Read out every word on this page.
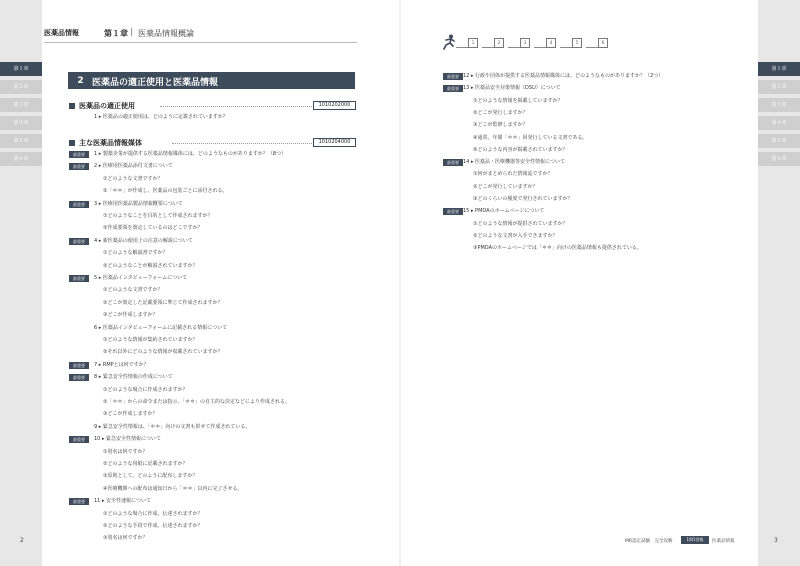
第１章
第２章
第３章
第４章
第５章
第６章
第１章
第２章
第３章
第４章
第５章
第６章
医薬品情報	第１章 | 医薬品情報概論
1	2	3	4	5	6
2 医薬品の適正使用と医薬品情報
医薬品の適正使用	1010202000
主な医薬品情報媒体	1010204000
1 ▸ 医薬品の適正使用は、どのように定義されていますか？
最重要	1 ▸ 製薬企業が提供する医薬品情報媒体には、どのようなものがありますか？（8つ）
最重要	2 ▸ 医療用医薬品添付文書について
①どのような文書ですか？
②「＊＊」が作成し、医薬品の包装ごとに添付される。
最重要	3 ▸ 医療用医薬品製品情報概要について
①どのようなことを目的として作成されますか？
②作成要領を策定しているのはどこですか？
最重要	4 ▸ 新医薬品の使用上の注意の解説について
①どのような解説書ですか？
②どのようなことが解説されていますか？
最重要	5 ▸ 医薬品インタビューフォームについて
①どのような文書ですか？
②どこが策定した記載要領に準じて作成されますか？
③どこが作成しますか？
6 ▸ 医薬品インタビューフォームに記載される情報について
①どのような情報が集約されていますか？
②それ以外にどのような情報が収載されていますか？
最重要	7 ▸ RMPとは何ですか？
最重要	8 ▸ 緊急安全性情報の作成について
①どのような場合に作成されますか？
②「＊＊」からの命令または指示、「＊＊」の自主的な決定などにより作成される。
③どこが作成しますか？
9 ▸ 緊急安全性情報は、「＊＊」向けの文書も併せて作成されている。
最重要	10 ▸ 緊急安全性情報について
①別名は何ですか？
②どのような用紙に記載されますか？
③原則として、どのように配布しますか？
④医療機関への配布は通知日から「＊＊」以内に完了させる。
最重要	11 ▸ 安全性速報について
①どのような場合に作成、伝達されますか？
②どのような手段で作成、伝達されますか？
③別名は何ですか？
最重要 12 ▸ 行政や団体が提供する医薬品情報媒体には、どのようなものがありますか？（2つ）
最重要 13 ▸ 医薬品安全対策情報（DSU）について
①どのような情報を掲載していますか？
②どこが発行しますか？
③どこが監修しますか？
④通常、年間「＊＊」回発行している文書である。
⑤どのような内容が掲載されていますか？
最重要 14 ▸ 医薬品・医療機器等安全性情報について
①何がまとめられた情報誌ですか？
②どこが発行していますか？
③どのくらいの頻度で発行されていますか？
最重要 15 ▸ PMDAのホームページについて
①どのような情報が提供されていますか？
②どのような文書が入手できますか？
③PMDAのホームページでは「＊＊」向けの医薬品情報も提供されている。
2	3
MR認定試験　完全攻略	1問1答集	医薬品情報
